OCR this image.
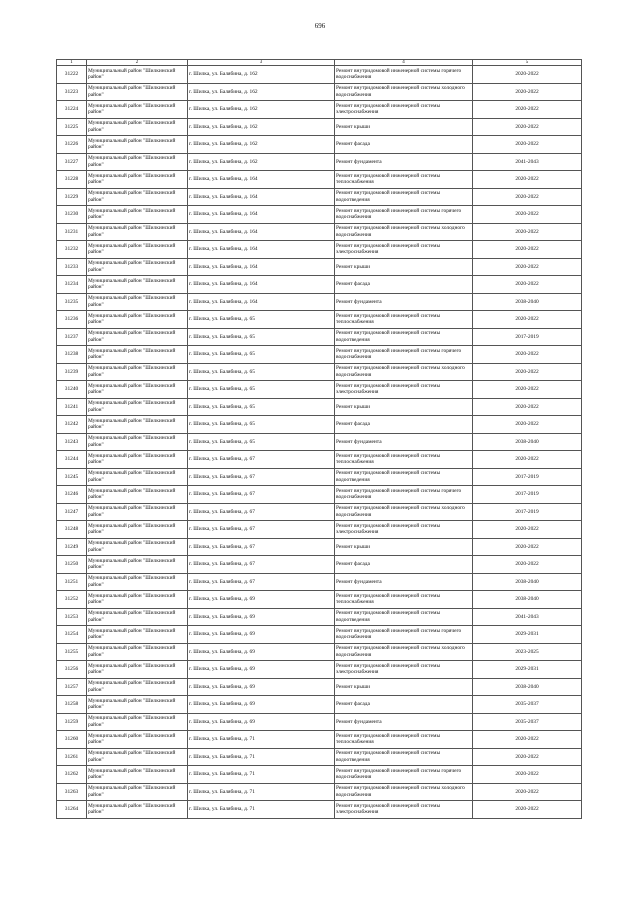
696
1	2	3	4	5
31222	Муниципальный район "Шилкинский район"	г. Шилка, ул. Балябина, д. 162	Ремонт внутридомовой инженерной системы горячего водоснабжения	2020-2022
31223	Муниципальный район "Шилкинский район"	г. Шилка, ул. Балябина, д. 162	Ремонт внутридомовой инженерной системы холодного водоснабжения	2020-2022
31224	Муниципальный район "Шилкинский район"	г. Шилка, ул. Балябина, д. 162	Ремонт внутридомовой инженерной системы электроснабжения	2020-2022
31225	Муниципальный район "Шилкинский район"	г. Шилка, ул. Балябина, д. 162	Ремонт крыши	2020-2022
31226	Муниципальный район "Шилкинский район"	г. Шилка, ул. Балябина, д. 162	Ремонт фасада	2020-2022
31227	Муниципальный район "Шилкинский район"	г. Шилка, ул. Балябина, д. 162	Ремонт фундамента	2041-2043
31228	Муниципальный район "Шилкинский район"	г. Шилка, ул. Балябина, д. 164	Ремонт внутридомовой инженерной системы теплоснабжения	2020-2022
31229	Муниципальный район "Шилкинский район"	г. Шилка, ул. Балябина, д. 164	Ремонт внутридомовой инженерной системы водоотведения	2020-2022
31230	Муниципальный район "Шилкинский район"	г. Шилка, ул. Балябина, д. 164	Ремонт внутридомовой инженерной системы горячего водоснабжения	2020-2022
31231	Муниципальный район "Шилкинский район"	г. Шилка, ул. Балябина, д. 164	Ремонт внутридомовой инженерной системы холодного водоснабжения	2020-2022
31232	Муниципальный район "Шилкинский район"	г. Шилка, ул. Балябина, д. 164	Ремонт внутридомовой инженерной системы электроснабжения	2020-2022
31233	Муниципальный район "Шилкинский район"	г. Шилка, ул. Балябина, д. 164	Ремонт крыши	2020-2022
31234	Муниципальный район "Шилкинский район"	г. Шилка, ул. Балябина, д. 164	Ремонт фасада	2020-2022
31235	Муниципальный район "Шилкинский район"	г. Шилка, ул. Балябина, д. 164	Ремонт фундамента	2038-2040
31236	Муниципальный район "Шилкинский район"	г. Шилка, ул. Балябина, д. 65	Ремонт внутридомовой инженерной системы теплоснабжения	2020-2022
31237	Муниципальный район "Шилкинский район"	г. Шилка, ул. Балябина, д. 65	Ремонт внутридомовой инженерной системы водоотведения	2017-2019
31238	Муниципальный район "Шилкинский район"	г. Шилка, ул. Балябина, д. 65	Ремонт внутридомовой инженерной системы горячего водоснабжения	2020-2022
31239	Муниципальный район "Шилкинский район"	г. Шилка, ул. Балябина, д. 65	Ремонт внутридомовой инженерной системы холодного водоснабжения	2020-2022
31240	Муниципальный район "Шилкинский район"	г. Шилка, ул. Балябина, д. 65	Ремонт внутридомовой инженерной системы электроснабжения	2020-2022
31241	Муниципальный район "Шилкинский район"	г. Шилка, ул. Балябина, д. 65	Ремонт крыши	2020-2022
31242	Муниципальный район "Шилкинский район"	г. Шилка, ул. Балябина, д. 65	Ремонт фасада	2020-2022
31243	Муниципальный район "Шилкинский район"	г. Шилка, ул. Балябина, д. 65	Ремонт фундамента	2038-2040
31244	Муниципальный район "Шилкинский район"	г. Шилка, ул. Балябина, д. 67	Ремонт внутридомовой инженерной системы теплоснабжения	2020-2022
31245	Муниципальный район "Шилкинский район"	г. Шилка, ул. Балябина, д. 67	Ремонт внутридомовой инженерной системы водоотведения	2017-2019
31246	Муниципальный район "Шилкинский район"	г. Шилка, ул. Балябина, д. 67	Ремонт внутридомовой инженерной системы горячего водоснабжения	2017-2019
31247	Муниципальный район "Шилкинский район"	г. Шилка, ул. Балябина, д. 67	Ремонт внутридомовой инженерной системы холодного водоснабжения	2017-2019
31248	Муниципальный район "Шилкинский район"	г. Шилка, ул. Балябина, д. 67	Ремонт внутридомовой инженерной системы электроснабжения	2020-2022
31249	Муниципальный район "Шилкинский район"	г. Шилка, ул. Балябина, д. 67	Ремонт крыши	2020-2022
31250	Муниципальный район "Шилкинский район"	г. Шилка, ул. Балябина, д. 67	Ремонт фасада	2020-2022
31251	Муниципальный район "Шилкинский район"	г. Шилка, ул. Балябина, д. 67	Ремонт фундамента	2038-2040
31252	Муниципальный район "Шилкинский район"	г. Шилка, ул. Балябина, д. 69	Ремонт внутридомовой инженерной системы теплоснабжения	2038-2040
31253	Муниципальный район "Шилкинский район"	г. Шилка, ул. Балябина, д. 69	Ремонт внутридомовой инженерной системы водоотведения	2041-2043
31254	Муниципальный район "Шилкинский район"	г. Шилка, ул. Балябина, д. 69	Ремонт внутридомовой инженерной системы горячего водоснабжения	2029-2031
31255	Муниципальный район "Шилкинский район"	г. Шилка, ул. Балябина, д. 69	Ремонт внутридомовой инженерной системы холодного водоснабжения	2023-2025
31256	Муниципальный район "Шилкинский район"	г. Шилка, ул. Балябина, д. 69	Ремонт внутридомовой инженерной системы электроснабжения	2029-2031
31257	Муниципальный район "Шилкинский район"	г. Шилка, ул. Балябина, д. 69	Ремонт крыши	2038-2040
31258	Муниципальный район "Шилкинский район"	г. Шилка, ул. Балябина, д. 69	Ремонт фасада	2035-2037
31259	Муниципальный район "Шилкинский район"	г. Шилка, ул. Балябина, д. 69	Ремонт фундамента	2035-2037
31260	Муниципальный район "Шилкинский район"	г. Шилка, ул. Балябина, д. 71	Ремонт внутридомовой инженерной системы теплоснабжения	2020-2022
31261	Муниципальный район "Шилкинский район"	г. Шилка, ул. Балябина, д. 71	Ремонт внутридомовой инженерной системы водоотведения	2020-2022
31262	Муниципальный район "Шилкинский район"	г. Шилка, ул. Балябина, д. 71	Ремонт внутридомовой инженерной системы горячего водоснабжения	2020-2022
31263	Муниципальный район "Шилкинский район"	г. Шилка, ул. Балябина, д. 71	Ремонт внутридомовой инженерной системы холодного водоснабжения	2020-2022
31264	Муниципальный район "Шилкинский район"	г. Шилка, ул. Балябина, д. 71	Ремонт внутридомовой инженерной системы электроснабжения	2020-2022
